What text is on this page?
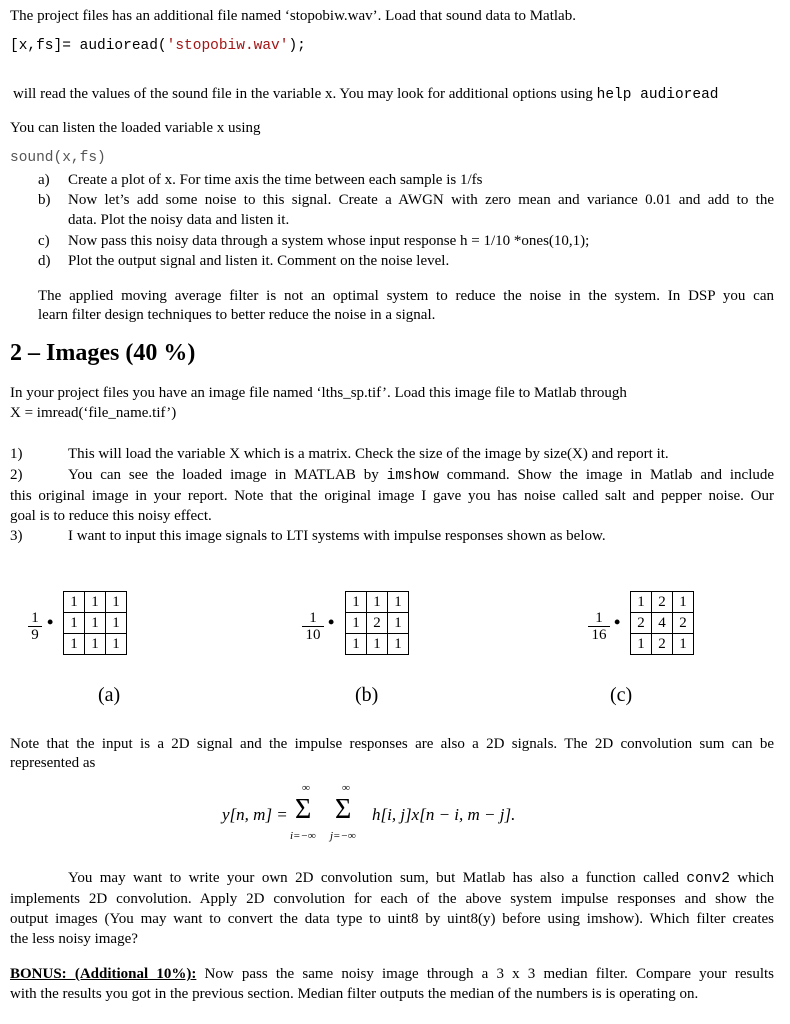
The project files has an additional file named ‘stopobiw.wav’. Load that sound data to Matlab.
[x,fs]= audioread('stopobiw.wav');
will read the values of the sound file in the variable x. You may look for additional options using help audioread
You can listen the loaded variable x using
sound(x,fs)
a) Create a plot of x. For time axis the time between each sample is 1/fs
b) Now let’s add some noise to this signal. Create a AWGN with zero mean and variance 0.01 and add to the
data. Plot the noisy data and listen it.
c) Now pass this noisy data through a system whose input response h = 1/10 *ones(10,1);
d) Plot the output signal and listen it. Comment on the noise level.
The applied moving average filter is not an optimal system to reduce the noise in the system. In DSP you can
learn filter design techniques to better reduce the noise in a signal.
2 – Images (40 %)
In your project files you have an image file named ‘lths_sp.tif’. Load this image file to Matlab through
X = imread(‘file_name.tif’)
1)	This will load the variable X which is a matrix. Check the size of the image by size(X) and report it.
2)	You can see the loaded image in MATLAB by imshow command. Show the image in Matlab and include
this original image in your report. Note that the original image I gave you has noise called salt and pepper noise. Our
goal is to reduce this noisy effect.
3)	I want to input this image signals to LTI systems with impulse responses shown as below.
1
9
•
1	1	1
1	1	1
1	1	1
(a)
1
10
•
1	1	1
1	2	1
1	1	1
(b)
1
16
•
1	2	1
2	4	2
1	2	1
(c)
Note that the input is a 2D signal and the impulse responses are also a 2D signals. The 2D convolution sum can be
represented as
y[n, m] =
∞
Σ
i=−∞
∞
Σ
j=−∞
h[i, j]x[n − i, m − j].
You may want to write your own 2D convolution sum, but Matlab has also a function called conv2 which
implements 2D convolution. Apply 2D convolution for each of the above system impulse responses and show the
output images (You may want to convert the data type to uint8 by uint8(y) before using imshow). Which filter creates
the less noisy image?
BONUS: (Additional 10%): Now pass the same noisy image through a 3 x 3 median filter. Compare your results
with the results you got in the previous section. Median filter outputs the median of the numbers is is operating on.
